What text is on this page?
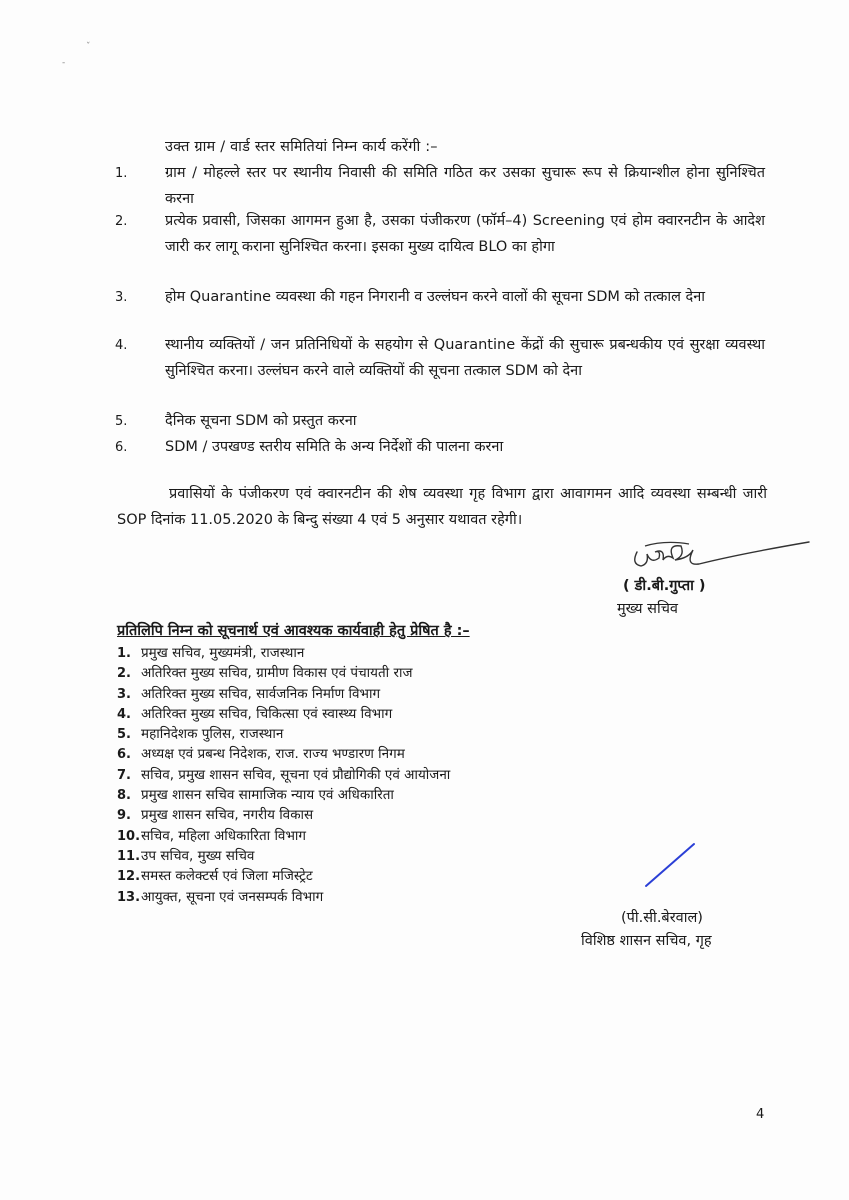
ˇ
-
उक्त ग्राम / वार्ड स्तर समितियां निम्न कार्य करेंगी :–
1.	ग्राम / मोहल्ले स्तर पर स्थानीय निवासी की समिति गठित कर उसका सुचारू रूप से क्रियान्शील होना सुनिश्चित करना
2.	प्रत्येक प्रवासी, जिसका आगमन हुआ है, उसका पंजीकरण (फॉर्म–4) Screening एवं होम क्वारनटीन के आदेश जारी कर लागू कराना सुनिश्चित करना। इसका मुख्य दायित्व BLO का होगा
3.	होम Quarantine व्यवस्था की गहन निगरानी व उल्लंघन करने वालों की सूचना SDM को तत्काल देना
4.	स्थानीय व्यक्तियों / जन प्रतिनिधियों के सहयोग से Quarantine केंद्रों की सुचारू प्रबन्धकीय एवं सुरक्षा व्यवस्था सुनिश्चित करना। उल्लंघन करने वाले व्यक्तियों की सूचना तत्काल SDM को देना
5.	दैनिक सूचना SDM को प्रस्तुत करना
6.	SDM / उपखण्ड स्तरीय समिति के अन्य निर्देशों की पालना करना
प्रवासियों के पंजीकरण एवं क्वारनटीन की शेष व्यवस्था गृह विभाग द्वारा आवागमन आदि व्यवस्था सम्बन्धी जारी SOP दिनांक 11.05.2020 के बिन्दु संख्या 4 एवं 5 अनुसार यथावत रहेगी।
( डी.बी.गुप्ता )
मुख्य सचिव
प्रतिलिपि निम्न को सूचनार्थ एवं आवश्यक कार्यवाही हेतु प्रेषित है :–
1. प्रमुख सचिव, मुख्यमंत्री, राजस्थान
2. अतिरिक्त मुख्य सचिव, ग्रामीण विकास एवं पंचायती राज
3. अतिरिक्त मुख्य सचिव, सार्वजनिक निर्माण विभाग
4. अतिरिक्त मुख्य सचिव, चिकित्सा एवं स्वास्थ्य विभाग
5. महानिदेशक पुलिस, राजस्थान
6. अध्यक्ष एवं प्रबन्ध निदेशक, राज. राज्य भण्डारण निगम
7. सचिव, प्रमुख शासन सचिव, सूचना एवं प्रौद्योगिकी एवं आयोजना
8. प्रमुख शासन सचिव सामाजिक न्याय एवं अधिकारिता
9. प्रमुख शासन सचिव, नगरीय विकास
10.सचिव, महिला अधिकारिता विभाग
11.उप सचिव, मुख्य सचिव
12.समस्त कलेक्टर्स एवं जिला मजिस्ट्रेट
13.आयुक्त, सूचना एवं जनसम्पर्क विभाग
(पी.सी.बेरवाल)
विशिष्ठ शासन सचिव, गृह
4
